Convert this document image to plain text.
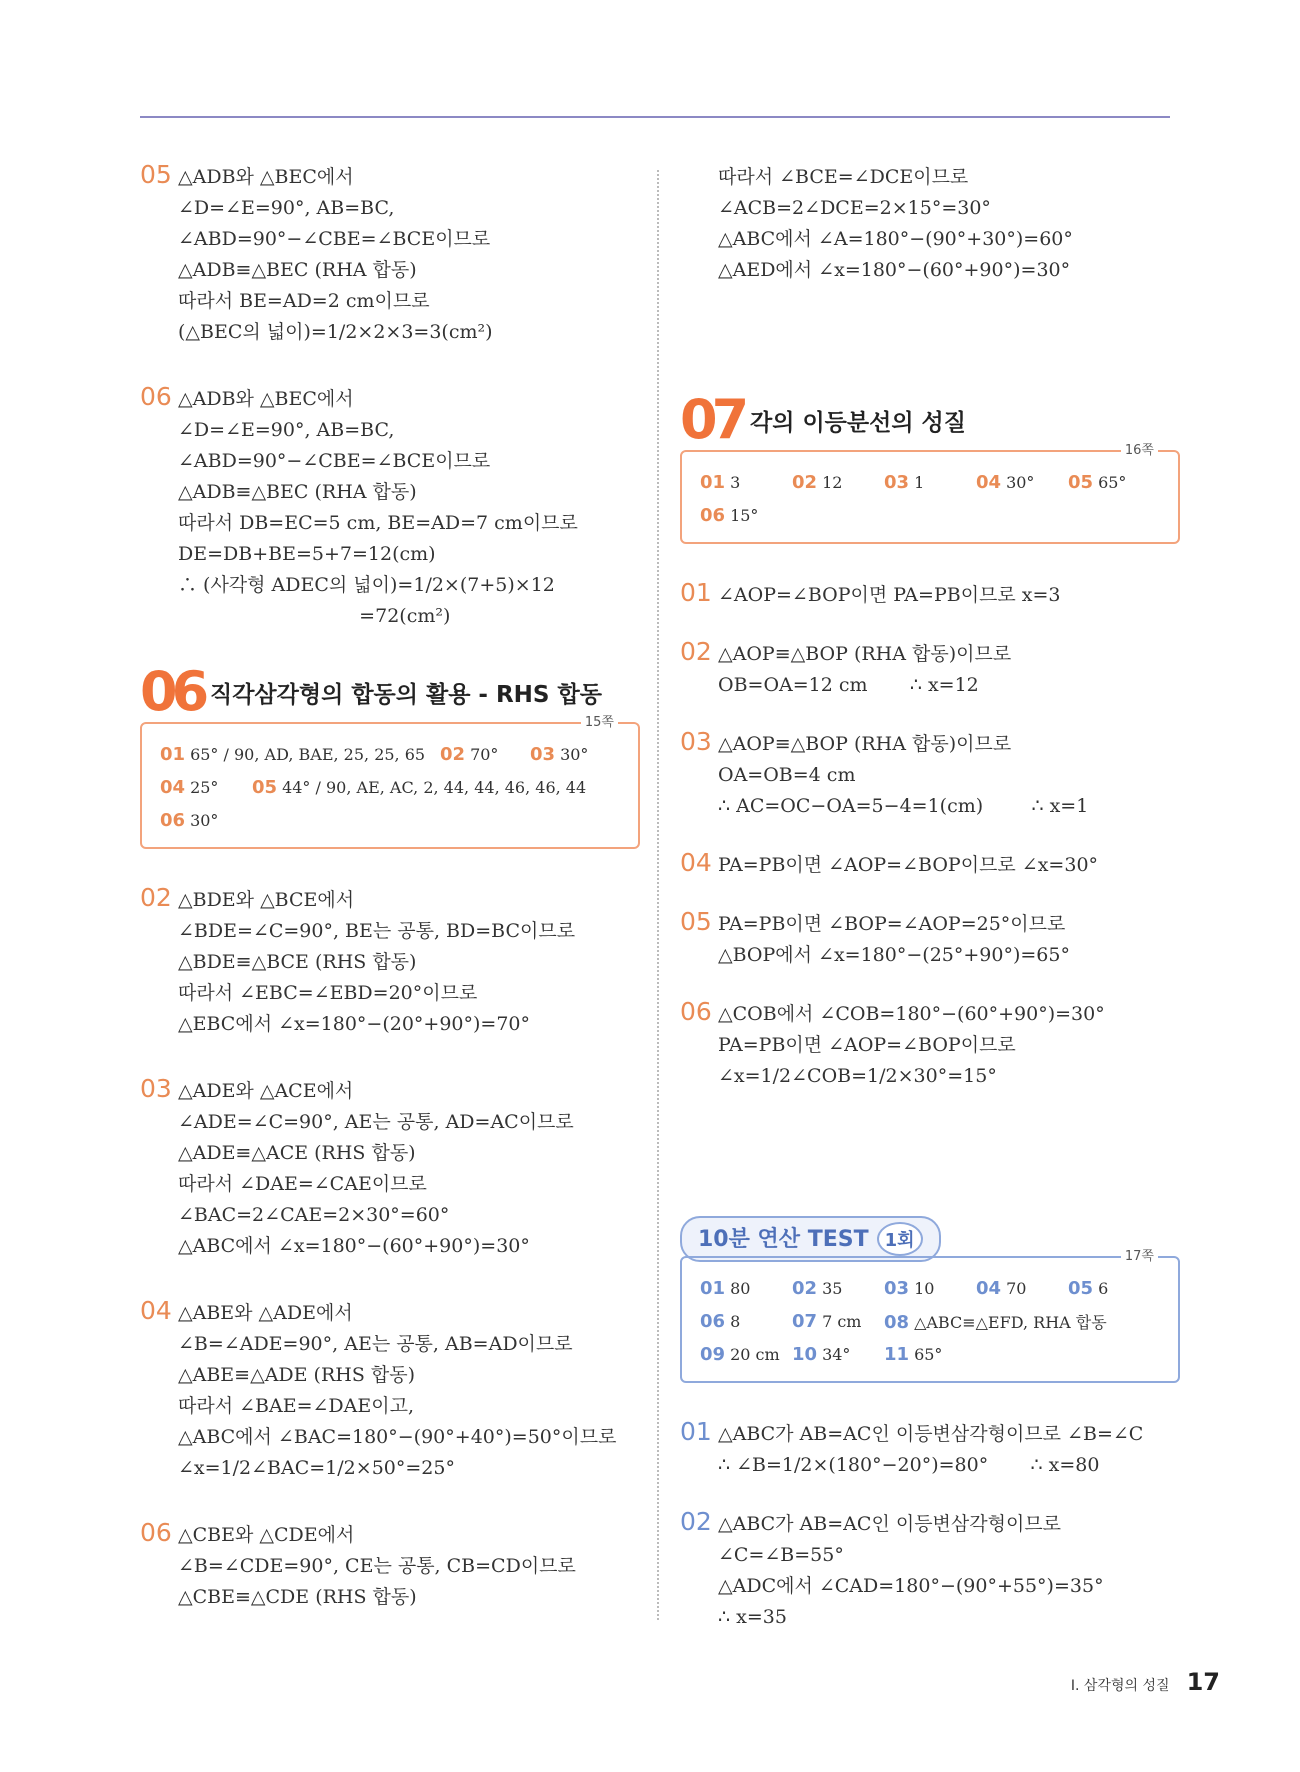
05 △ADB와 △BEC에서
∠D=∠E=90°, AB=BC,
∠ABD=90°−∠CBE=∠BCE이므로
△ADB≡△BEC (RHA 합동)
따라서 BE=AD=2 cm이므로
(△BEC의 넓이)=1/2×2×3=3(cm²)
06 △ADB와 △BEC에서
∠D=∠E=90°, AB=BC,
∠ABD=90°−∠CBE=∠BCE이므로
△ADB≡△BEC (RHA 합동)
따라서 DB=EC=5 cm, BE=AD=7 cm이므로
DE=DB+BE=5+7=12(cm)
∴ (사각형 ADEC의 넓이)=1/2×(7+5)×12
=72(cm²)
06 직각삼각형의 합동의 활용 - RHS 합동
15쪽
01 65° / 90, AD, BAE, 25, 25, 65 02 70°	03 30°
04 25°	05 44° / 90, AE, AC, 2, 44, 44, 46, 46, 44
06 30°
02 △BDE와 △BCE에서
∠BDE=∠C=90°, BE는 공통, BD=BC이므로
△BDE≡△BCE (RHS 합동)
따라서 ∠EBC=∠EBD=20°이므로
△EBC에서 ∠x=180°−(20°+90°)=70°
03 △ADE와 △ACE에서
∠ADE=∠C=90°, AE는 공통, AD=AC이므로
△ADE≡△ACE (RHS 합동)
따라서 ∠DAE=∠CAE이므로
∠BAC=2∠CAE=2×30°=60°
△ABC에서 ∠x=180°−(60°+90°)=30°
04 △ABE와 △ADE에서
∠B=∠ADE=90°, AE는 공통, AB=AD이므로
△ABE≡△ADE (RHS 합동)
따라서 ∠BAE=∠DAE이고,
△ABC에서 ∠BAC=180°−(90°+40°)=50°이므로
∠x=1/2∠BAC=1/2×50°=25°
06 △CBE와 △CDE에서
∠B=∠CDE=90°, CE는 공통, CB=CD이므로
△CBE≡△CDE (RHS 합동)
따라서 ∠BCE=∠DCE이므로
∠ACB=2∠DCE=2×15°=30°
△ABC에서 ∠A=180°−(90°+30°)=60°
△AED에서 ∠x=180°−(60°+90°)=30°
07 각의 이등분선의 성질
16쪽
01 3	02 12	03 1	04 30°	05 65°
06 15°
01 ∠AOP=∠BOP이면 PA=PB이므로 x=3
02 △AOP≡△BOP (RHA 합동)이므로
OB=OA=12 cm       ∴ x=12
03 △AOP≡△BOP (RHA 합동)이므로
OA=OB=4 cm
∴ AC=OC−OA=5−4=1(cm)        ∴ x=1
04 PA=PB이면 ∠AOP=∠BOP이므로 ∠x=30°
05 PA=PB이면 ∠BOP=∠AOP=25°이므로
△BOP에서 ∠x=180°−(25°+90°)=65°
06 △COB에서 ∠COB=180°−(60°+90°)=30°
PA=PB이면 ∠AOP=∠BOP이므로
∠x=1/2∠COB=1/2×30°=15°
10분 연산 TEST 1회
17쪽
01 80	02 35	03 10	04 70	05 6
06 8	07 7 cm	08 △ABC≡△EFD, RHA 합동
09 20 cm 10 34°	11 65°
01 △ABC가 AB=AC인 이등변삼각형이므로 ∠B=∠C
∴ ∠B=1/2×(180°−20°)=80°       ∴ x=80
02 △ABC가 AB=AC인 이등변삼각형이므로
∠C=∠B=55°
△ADC에서 ∠CAD=180°−(90°+55°)=35°
∴ x=35
I. 삼각형의 성질 17
